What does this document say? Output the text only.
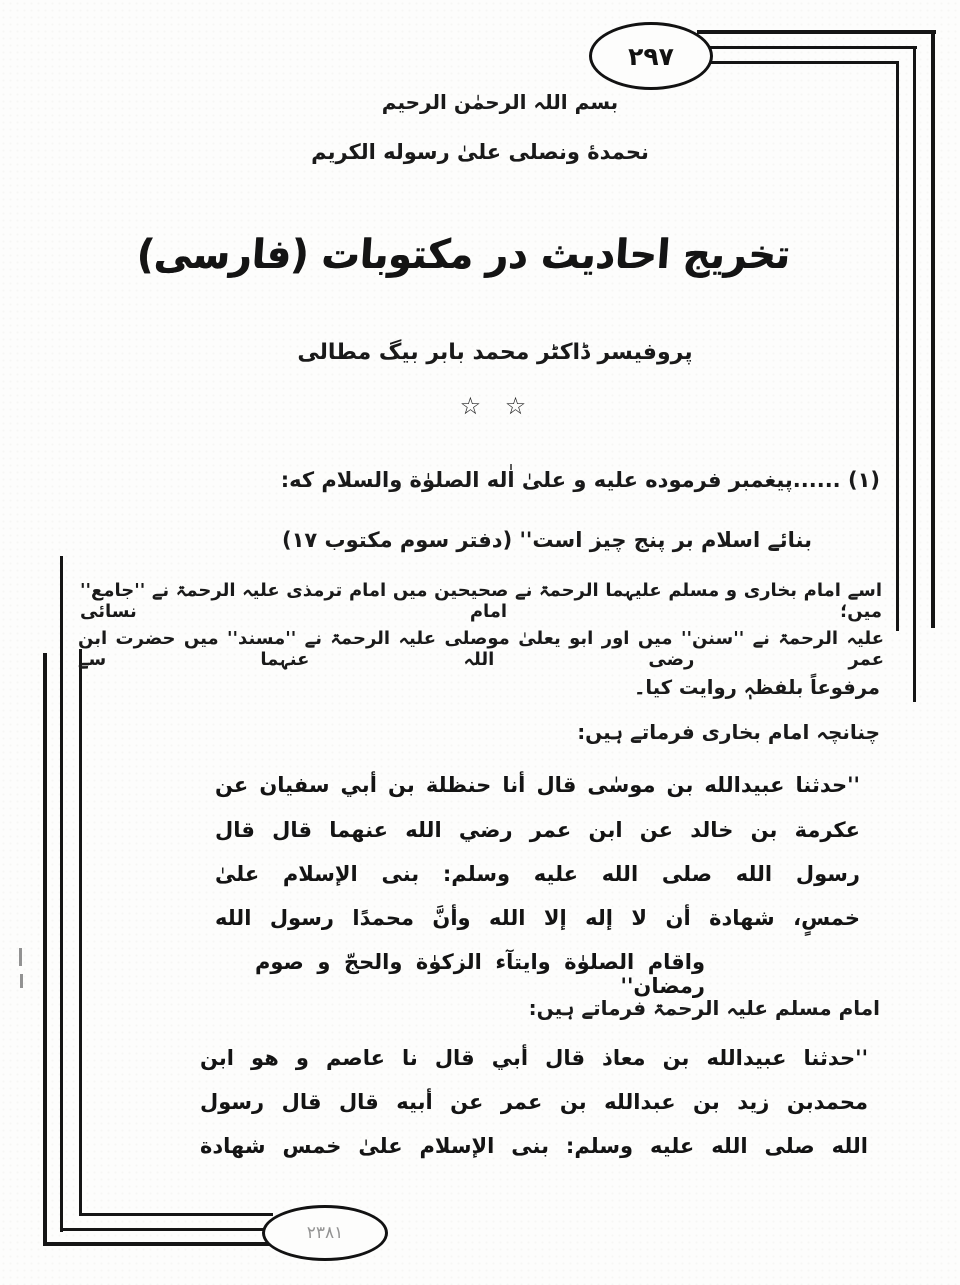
۲۹۷
۲۳۸۱
بسم اللہ الرحمٰن الرحیم
نحمدهٔ ونصلی علیٰ رسوله الکریم
تخریج احادیث در مکتوبات (فارسی)
پروفیسر ڈاکٹر محمد بابر بیگ مطالی
☆ ☆
(۱) ......پیغمبر فرموده علیه و علیٰ اٰله الصلوٰة والسلام که:
بنائے اسلام بر پنج چیز است'' (دفتر سوم مکتوب ۱۷)
اسے امام بخاری و مسلم علیہما الرحمۃ نے صحیحین میں امام ترمذی علیہ الرحمۃ نے ''جامع'' میں؛ امام نسائی
علیہ الرحمۃ نے ''سنن'' میں اور ابو یعلیٰ موصلی علیہ الرحمۃ نے ''مسند'' میں حضرت ابن عمر رضی اللہ عنہما سے
مرفوعاً بلفظہٖ روایت کیا۔
چنانچہ امام بخاری فرماتے ہیں:
''حدثنا عبيدالله بن موسٰى قال أنا حنظلة بن أبي سفيان عن
عكرمة بن خالد عن ابن عمر رضي الله عنهما قال قال
رسول الله صلى الله عليه وسلم: بنى الإسلام علىٰ
خمسٍ، شهادة أن لا إله إلا الله وأنَّ محمدًا رسول الله
واقام الصلوٰة وايتآء الزكوٰة والحجّ و صوم رمضان''
امام مسلم علیہ الرحمۃ فرماتے ہیں:
''حدثنا عبيدالله بن معاذ قال أبي قال نا عاصم و هو ابن
محمدبن زيد بن عبدالله بن عمر عن أبيه قال قال رسول
الله صلى الله عليه وسلم: بنى الإسلام علىٰ خمس شهادة
